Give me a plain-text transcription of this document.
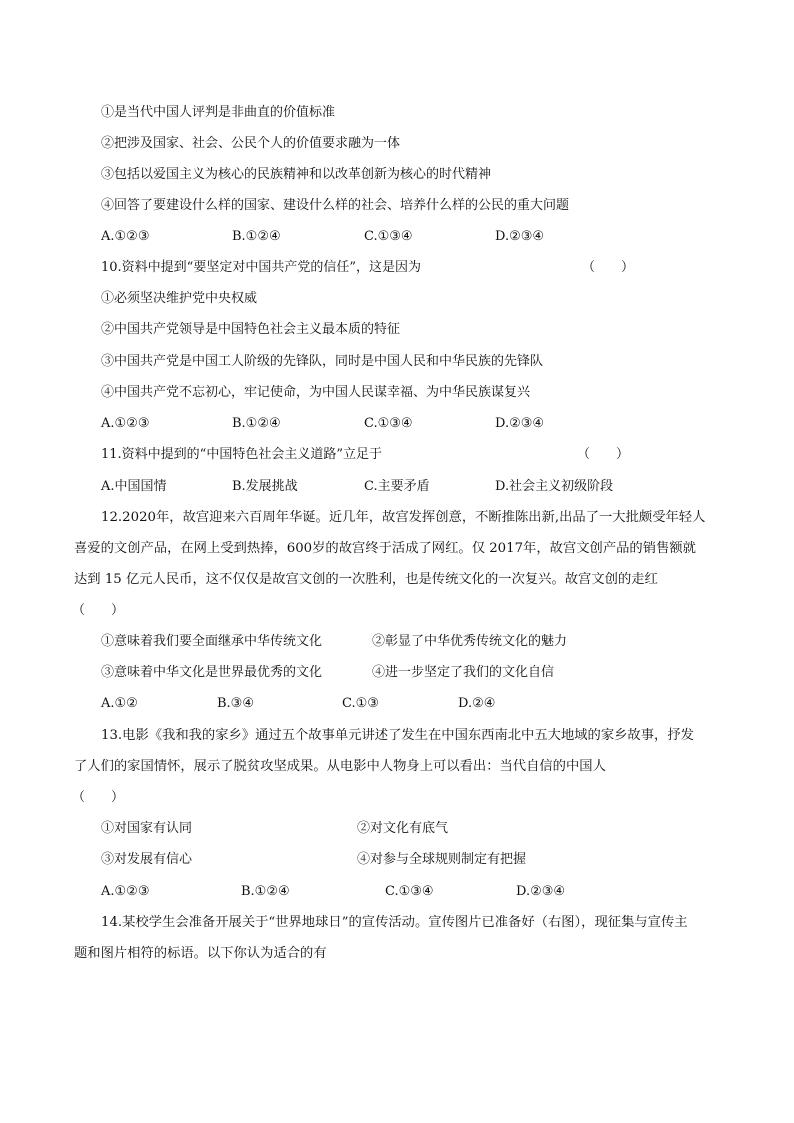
①是当代中国人评判是非曲直的价值标准
②把涉及国家、社会、公民个人的价值要求融为一体
③包括以爱国主义为核心的民族精神和以改革创新为核心的时代精神
④回答了要建设什么样的国家、建设什么样的社会、培养什么样的公民的重大问题
A.①②③	B.①②④	C.①③④	D.②③④
10.资料中提到“要坚定对中国共产党的信任”，这是因为	（　　）
①必须坚决维护党中央权威
②中国共产党领导是中国特色社会主义最本质的特征
③中国共产党是中国工人阶级的先锋队，同时是中国人民和中华民族的先锋队
④中国共产党不忘初心，牢记使命，为中国人民谋幸福、为中华民族谋复兴
A.①②③	B.①②④	C.①③④	D.②③④
11.资料中提到的“中国特色社会主义道路”立足于	（　　）
A.中国国情	B.发展挑战	C.主要矛盾	D.社会主义初级阶段
12.2020年，故宫迎来六百周年华诞。近几年，故宫发挥创意，不断推陈出新,出品了一大批颇受年轻人
喜爱的文创产品，在网上受到热捧，600岁的故宫终于活成了网红。仅 2017年，故宫文创产品的销售额就
达到 15 亿元人民币，这不仅仅是故宫文创的一次胜利，也是传统文化的一次复兴。故宫文创的走红
（　　）
①意味着我们要全面继承中华传统文化	②彰显了中华优秀传统文化的魅力
③意味着中华文化是世界最优秀的文化	④进一步坚定了我们的文化自信
A.①②	B.③④	C.①③	D.②④
13.电影《我和我的家乡》通过五个故事单元讲述了发生在中国东西南北中五大地域的家乡故事，抒发
了人们的家国情怀，展示了脱贫攻坚成果。从电影中人物身上可以看出：当代自信的中国人
（　　）
①对国家有认同	②对文化有底气
③对发展有信心	④对参与全球规则制定有把握
A.①②③	B.①②④	C.①③④	D.②③④
14.某校学生会准备开展关于“世界地球日”的宣传活动。宣传图片已准备好（右图），现征集与宣传主
题和图片相符的标语。以下你认为适合的有
